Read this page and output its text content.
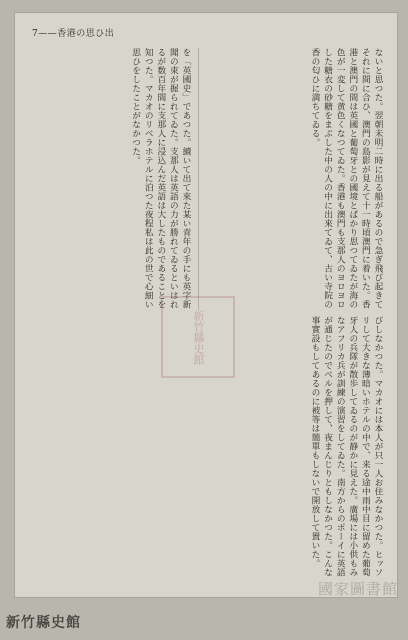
7——香港の思ひ出

ないと思つた。翌朝未明二時に出る船があるので急ぎ飛び起きてそれに間に合ひ、澳門の島影が見えて十一時頃澳門に着いた。香港と澳門の間は英國と葡萄牙との國境とばかり思つてゐたが海の色が一変して黄色くなつてゐた。香港も澳門も支那人のヨロヨロした糖衣の砂糖をまぶした中の人の中に出來てゐて、古い寺院の香の匂ひに満ちてゐる。

を「英國史」であつた。續いて出て來た某い青年の手にも英字新聞の束が握られてゐた。支那人は英語の力が勝れてゐるといはれるが数百年間に支那人に浸込んだ英語は大したものであることを知つた。マカオのリベラホテルに泊つた夜程私は此の世で心細い思ひをしたことがなかつた。

びしなかつた。マカオには本人が只一人お住みなかつた。ヒッソリして大きな薄暗いホテルの中で、来る途中雨中目に留めた葡萄牙人の兵隊が散歩してゐるのが静かに見えた。廣場には小供もみなアフリカ兵が訓練の演習をしてゐた。南方からのポーイに英語が通じたのでベルを押して、夜まんじりともしなかつた。こんな事實設もしてあるのに被等は簡單もしないで開放して置いた。

新竹縣史館
國家圖書館
新竹縣史館
